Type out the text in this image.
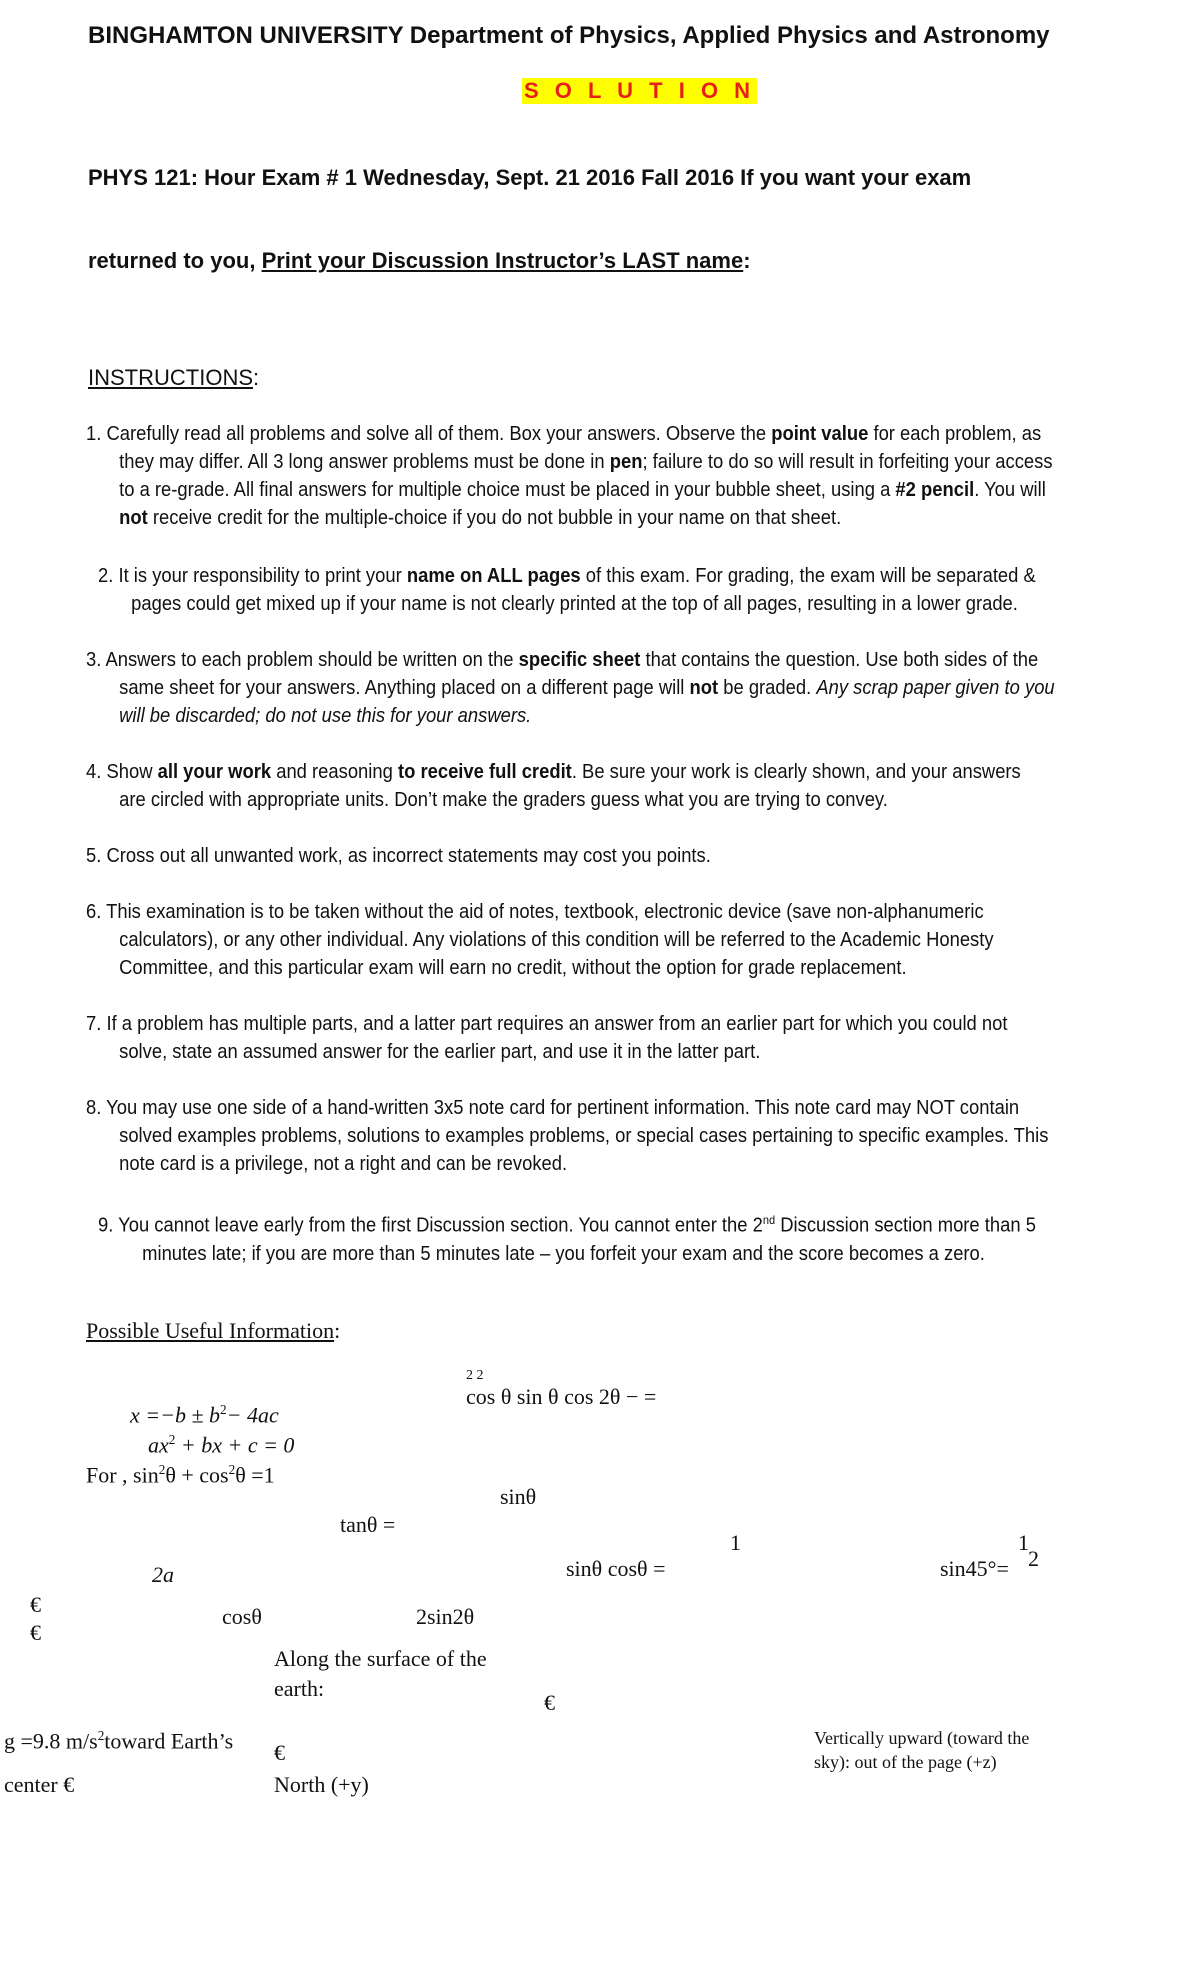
BINGHAMTON UNIVERSITY Department of Physics, Applied Physics and Astronomy
S O L U T I O N
PHYS 121: Hour Exam # 1 Wednesday, Sept. 21 2016 Fall 2016 If you want your exam
returned to you, Print your Discussion Instructor’s LAST name:
INSTRUCTIONS:
1. Carefully read all problems and solve all of them. Box your answers. Observe the point value for each problem, as
they may differ. All 3 long answer problems must be done in pen; failure to do so will result in forfeiting your access
to a re-grade. All final answers for multiple choice must be placed in your bubble sheet, using a #2 pencil. You will
not receive credit for the multiple-choice if you do not bubble in your name on that sheet.
2. It is your responsibility to print your name on ALL pages of this exam. For grading, the exam will be separated &
pages could get mixed up if your name is not clearly printed at the top of all pages, resulting in a lower grade.
3. Answers to each problem should be written on the specific sheet that contains the question. Use both sides of the
same sheet for your answers. Anything placed on a different page will not be graded. Any scrap paper given to you
will be discarded; do not use this for your answers.
4. Show all your work and reasoning to receive full credit. Be sure your work is clearly shown, and your answers
are circled with appropriate units. Don’t make the graders guess what you are trying to convey.
5. Cross out all unwanted work, as incorrect statements may cost you points.
6. This examination is to be taken without the aid of notes, textbook, electronic device (save non-alphanumeric
calculators), or any other individual. Any violations of this condition will be referred to the Academic Honesty
Committee, and this particular exam will earn no credit, without the option for grade replacement.
7. If a problem has multiple parts, and a latter part requires an answer from an earlier part for which you could not
solve, state an assumed answer for the earlier part, and use it in the latter part.
8. You may use one side of a hand-written 3x5 note card for pertinent information. This note card may NOT contain
solved examples problems, solutions to examples problems, or special cases pertaining to specific examples. This
note card is a privilege, not a right and can be revoked.
9. You cannot leave early from the first Discussion section. You cannot enter the 2nd Discussion section more than 5
minutes late; if you are more than 5 minutes late – you forfeit your exam and the score becomes a zero.
Possible Useful Information:
2 2
cos θ sin θ cos 2θ − =
$x =-b \pm b^2- 4ac$
$ax^2$ + bx + c = 0
For , $\sin^2\theta + \cos^2\theta =1$
sinθ
tanθ =
1	1
2a	sinθ cosθ =	sin45°= 2
€
€
cosθ	2sin2θ
Along the surface of the
earth:
€
g =9.8 $m/s^2toward$ Earth’s €
Vertically upward (toward the
sky): out of the page (+z)
center €	North (+y)
